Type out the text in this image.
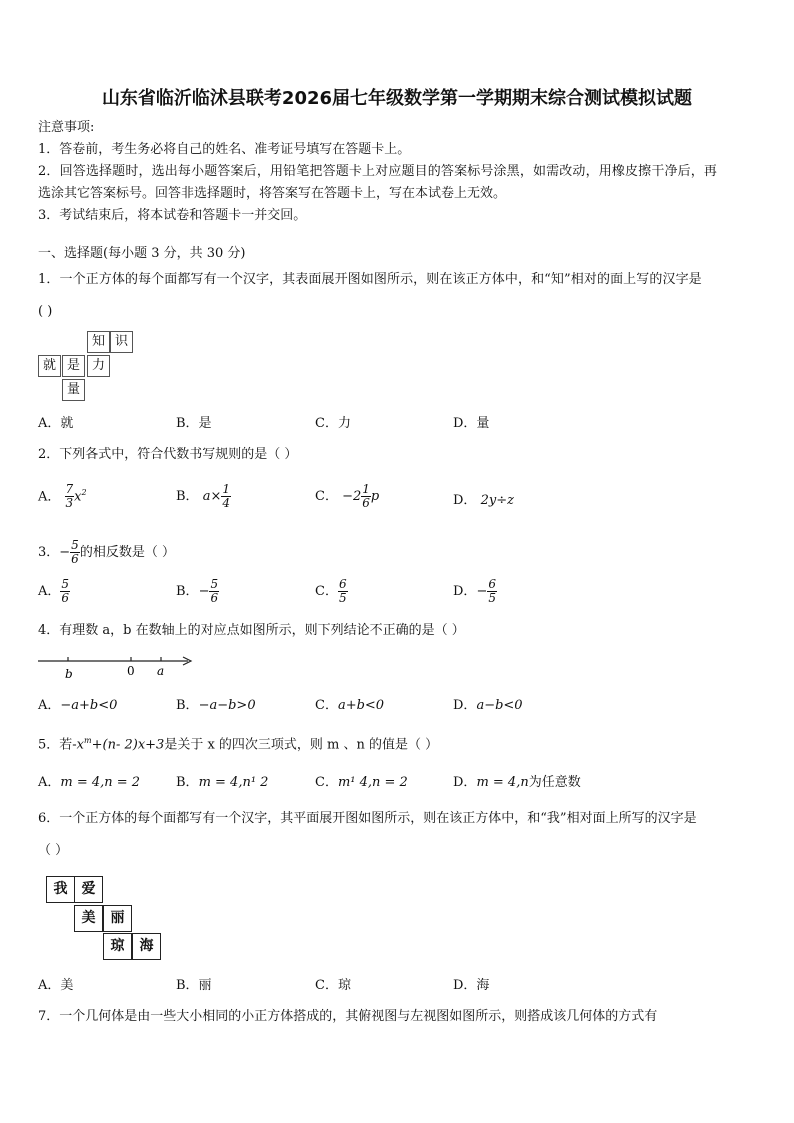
山东省临沂临沭县联考2026届七年级数学第一学期期末综合测试模拟试题
注意事项:
1．答卷前，考生务必将自己的姓名、准考证号填写在答题卡上。
2．回答选择题时，选出每小题答案后，用铅笔把答题卡上对应题目的答案标号涂黑，如需改动，用橡皮擦干净后，再
选涂其它答案标号。回答非选择题时，将答案写在答题卡上，写在本试卷上无效。
3．考试结束后，将本试卷和答题卡一并交回。
一、选择题(每小题 3 分，共 30 分)
1．一个正方体的每个面都写有一个汉字，其表面展开图如图所示，则在该正方体中，和“知”相对的面上写的汉字是
( )
知 识
就 是 力
量
A．就	B．是	C．力	D．量
2．下列各式中，符合代数书写规则的是（ ）
A． $\frac{7}{3} x^2$	B． $a\times \frac{1}{4}$	C． $-2 \frac{1}{6}$ p	D． 2y÷z
3．− $\frac{5}{6}$ 的相反数是（ ）
A． $\frac{5}{6}$	B．− $\frac{5}{6}$	C． $\frac{6}{5}$	D．− $\frac{6}{5}$
4．有理数 a，b 在数轴上的对应点如图所示，则下列结论不正确的是（ ）
b	0 a
A．−a+b<0	B．−a−b>0	C．a+b<0	D．a−b<0
5．若$-x^m+(n-$ 2)x+3是关于 x 的四次三项式，则 m 、n 的值是（ ）
A．m = 4,n = 2	B．m = 4,n¹ 2	C．m¹ 4,n = 2	D．m = 4,n为任意数
6．一个正方体的每个面都写有一个汉字，其平面展开图如图所示，则在该正方体中，和“我”相对面上所写的汉字是
（ ）
我	爱
美	丽
琼	海
A．美	B．丽	C．琼	D．海
7．一个几何体是由一些大小相同的小正方体搭成的，其俯视图与左视图如图所示，则搭成该几何体的方式有
